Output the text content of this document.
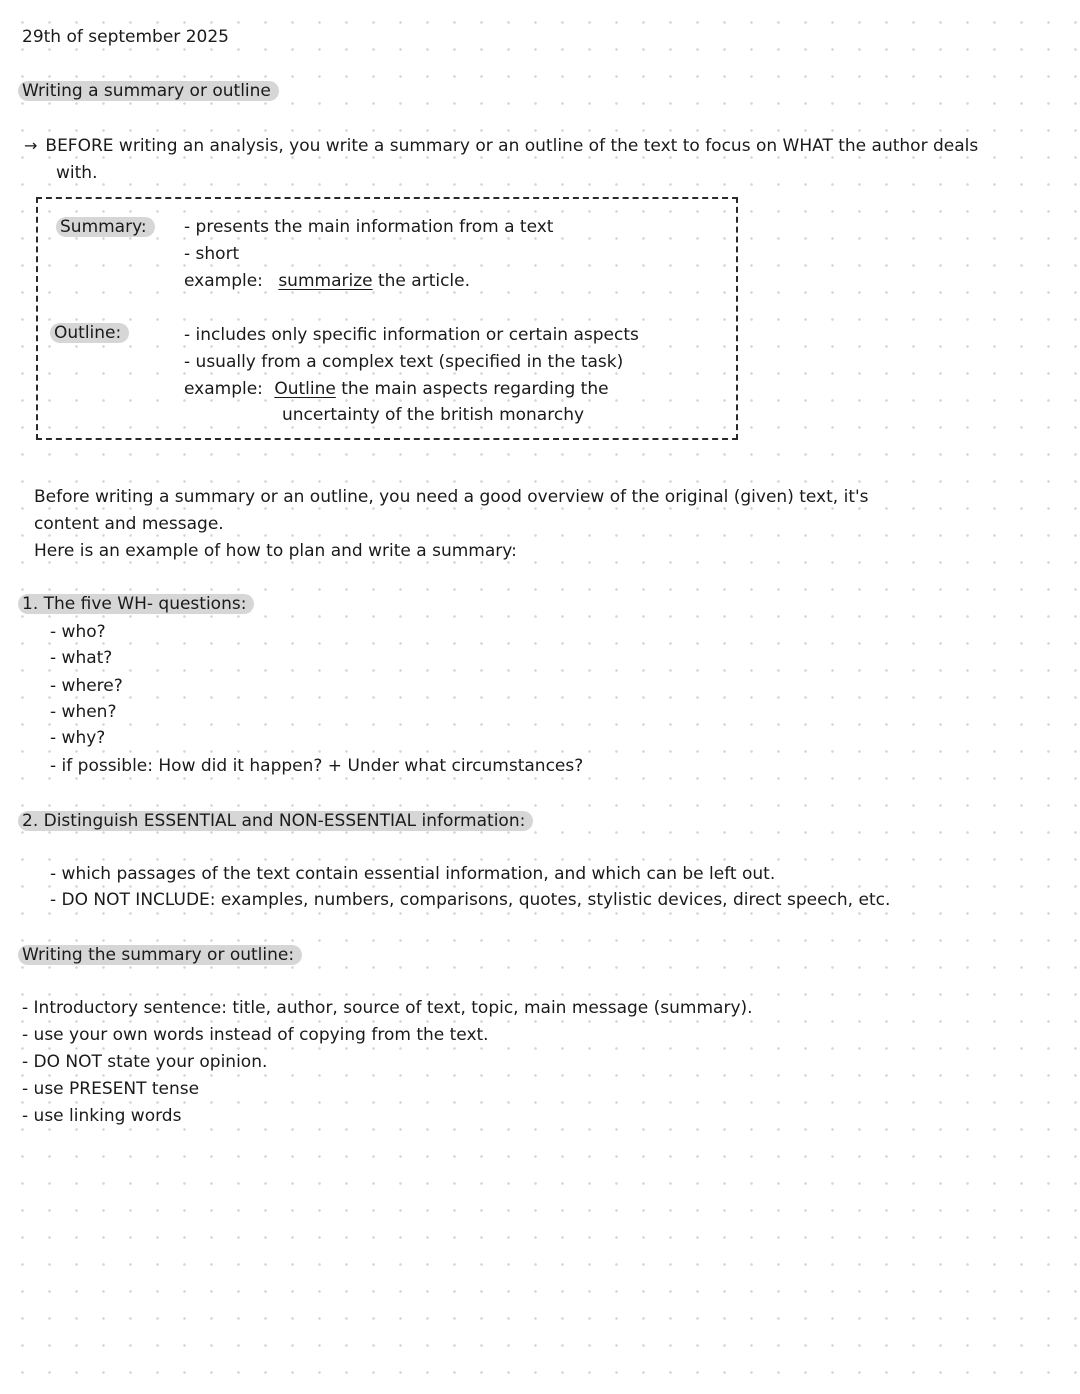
29th of september 2025
Writing a summary or outline
→ BEFORE writing an analysis, you write a summary or an outline of the text to focus on WHAT the author deals
with.
Summary:	- presents the main information from a text
- short
example: summarize the article.
Outline:	- includes only specific information or certain aspects
- usually from a complex text (specified in the task)
example: Outline the main aspects regarding the
uncertainty of the british monarchy
Before writing a summary or an outline, you need a good overview of the original (given) text, it's
content and message.
Here is an example of how to plan and write a summary:
1. The five WH- questions:
- who?
- what?
- where?
- when?
- why?
- if possible: How did it happen? + Under what circumstances?
2. Distinguish ESSENTIAL and NON-ESSENTIAL information:
- which passages of the text contain essential information, and which can be left out.
- DO NOT INCLUDE: examples, numbers, comparisons, quotes, stylistic devices, direct speech, etc.
Writing the summary or outline:
- Introductory sentence: title, author, source of text, topic, main message (summary).
- use your own words instead of copying from the text.
- DO NOT state your opinion.
- use PRESENT tense
- use linking words
